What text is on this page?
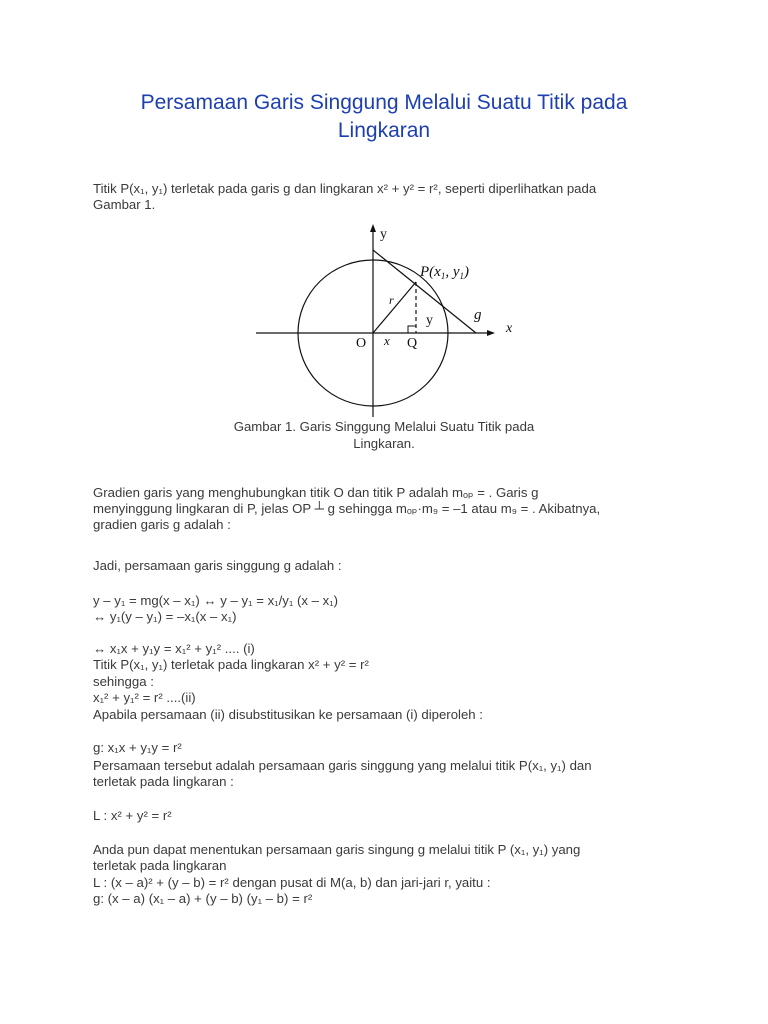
Persamaan Garis Singgung Melalui Suatu Titik pada
Lingkaran
Titik P(x₁, y₁) terletak pada garis g dan lingkaran x² + y² = r², seperti diperlihatkan pada
Gambar 1.
y
x
$P(x_1$, $y_1$)
r
y	g
O x Q
Gambar 1. Garis Singgung Melalui Suatu Titik pada
Lingkaran.
Gradien garis yang menghubungkan titik O dan titik P adalah mₒₚ = . Garis g
menyinggung lingkaran di P, jelas OP ┴ g sehingga mₒₚ·m₉ = –1 atau m₉ = . Akibatnya,
gradien garis g adalah :
Jadi, persamaan garis singgung g adalah :
y – y₁ = mg(x – x₁) ↔ y – y₁ = x₁/y₁ (x – x₁)
↔ y₁(y – y₁) = –x₁(x – x₁)
↔ x₁x + y₁y = x₁² + y₁² .... (i)
Titik P(x₁, y₁) terletak pada lingkaran x² + y² = r²
sehingga :
x₁² + y₁² = r² ....(ii)
Apabila persamaan (ii) disubstitusikan ke persamaan (i) diperoleh :
g: x₁x + y₁y = r²
Persamaan tersebut adalah persamaan garis singgung yang melalui titik P(x₁, y₁) dan
terletak pada lingkaran :
L : x² + y² = r²
Anda pun dapat menentukan persamaan garis singung g melalui titik P (x₁, y₁) yang
terletak pada lingkaran
L : (x – a)² + (y – b) = r² dengan pusat di M(a, b) dan jari-jari r, yaitu :
g: (x – a) (x₁ – a) + (y – b) (y₁ – b) = r²
